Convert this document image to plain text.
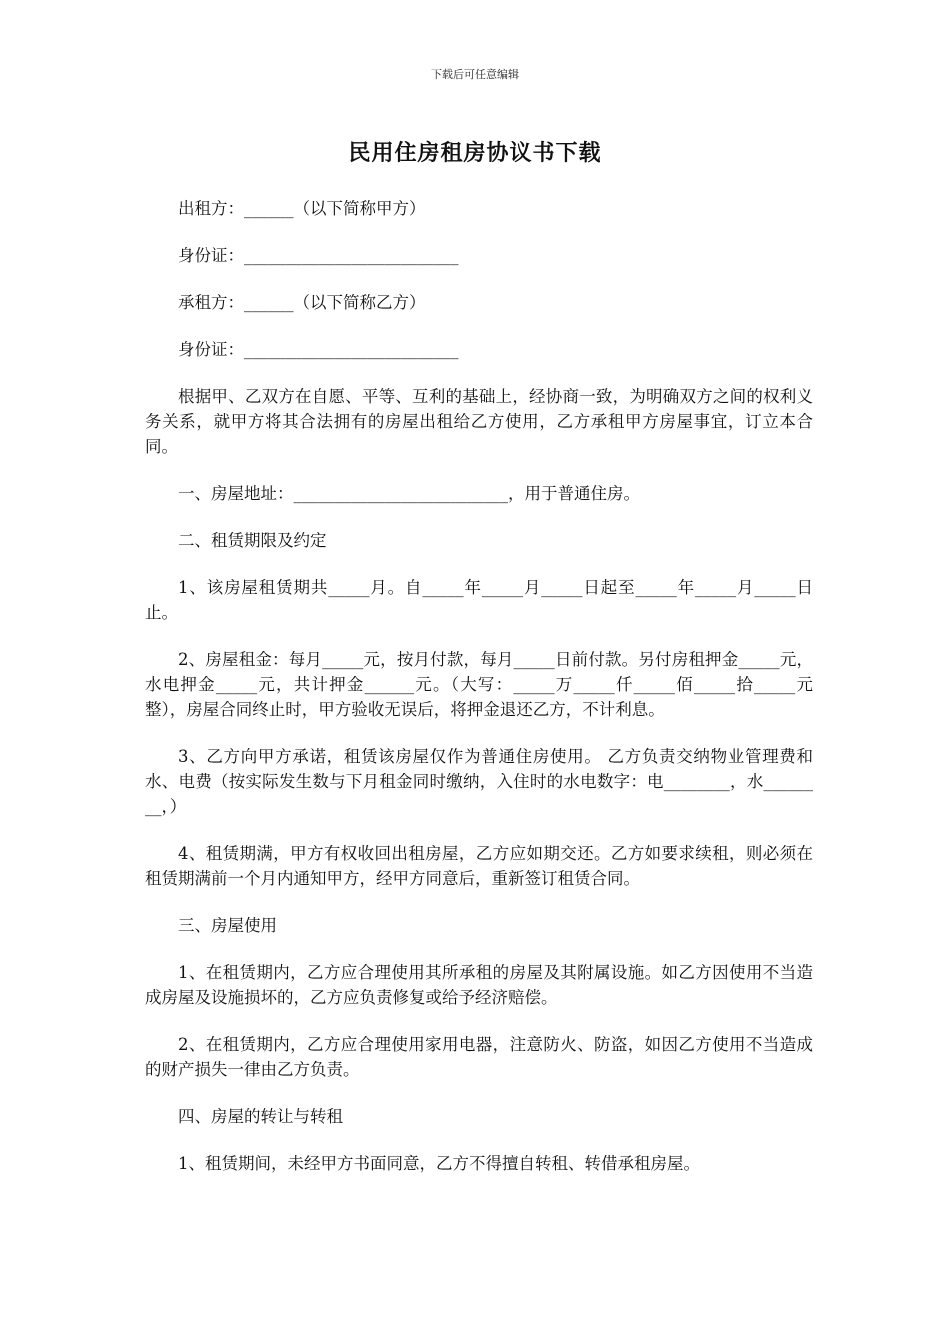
下载后可任意编辑
民用住房租房协议书下载

出租方：______（以下简称甲方）

身份证：__________________________

承租方：______（以下简称乙方）

身份证：__________________________

根据甲、乙双方在自愿、平等、互利的基础上，经协商一致，为明确双方之间的权利义务关系，就甲方将其合法拥有的房屋出租给乙方使用，乙方承租甲方房屋事宜，订立本合同。

一、房屋地址：__________________________，用于普通住房。

二、租赁期限及约定

1、该房屋租赁期共_____月。自_____年_____月_____日起至_____年_____月_____日止。

2、房屋租金：每月_____元，按月付款，每月_____日前付款。另付房租押金_____元，水电押金_____元，共计押金______元。（大写：_____万_____仟_____佰_____拾_____元整），房屋合同终止时，甲方验收无误后，将押金退还乙方，不计利息。

3、乙方向甲方承诺，租赁该房屋仅作为普通住房使用。 乙方负责交纳物业管理费和水、电费（按实际发生数与下月租金同时缴纳，入住时的水电数字：电________，水________，）

4、租赁期满，甲方有权收回出租房屋，乙方应如期交还。乙方如要求续租，则必须在租赁期满前一个月内通知甲方，经甲方同意后，重新签订租赁合同。

三、房屋使用

1、在租赁期内，乙方应合理使用其所承租的房屋及其附属设施。如乙方因使用不当造成房屋及设施损坏的，乙方应负责修复或给予经济赔偿。

2、在租赁期内，乙方应合理使用家用电器，注意防火、防盗，如因乙方使用不当造成的财产损失一律由乙方负责。

四、房屋的转让与转租

1、租赁期间，未经甲方书面同意，乙方不得擅自转租、转借承租房屋。
